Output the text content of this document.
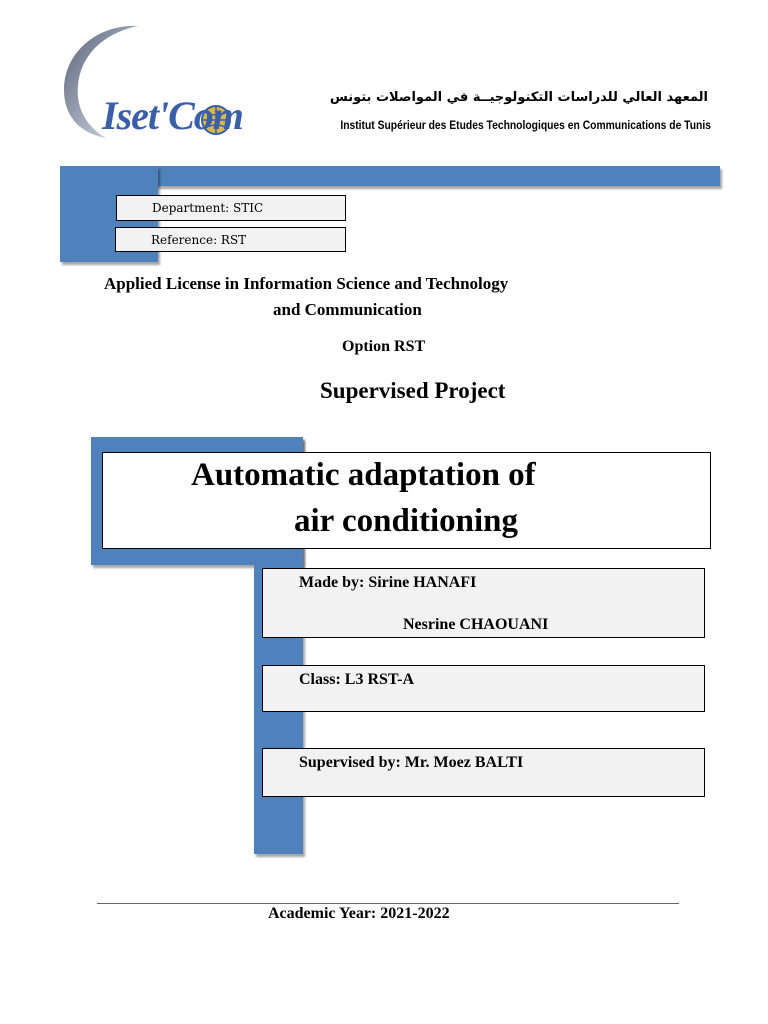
Iset'Com	المعهد العالي للدراسات التكنولوجيــة في المواصلات بتونس
Institut Supérieur des Etudes Technologiques en Communications de Tunis
Department: STIC
Reference: RST
Applied License in Information Science and Technology
and Communication
Option RST
Supervised Project
Automatic adaptation of
air conditioning
Made by: Sirine HANAFI
Nesrine CHAOUANI
Class: L3 RST-A
Supervised by: Mr. Moez BALTI
Academic Year: 2021-2022
